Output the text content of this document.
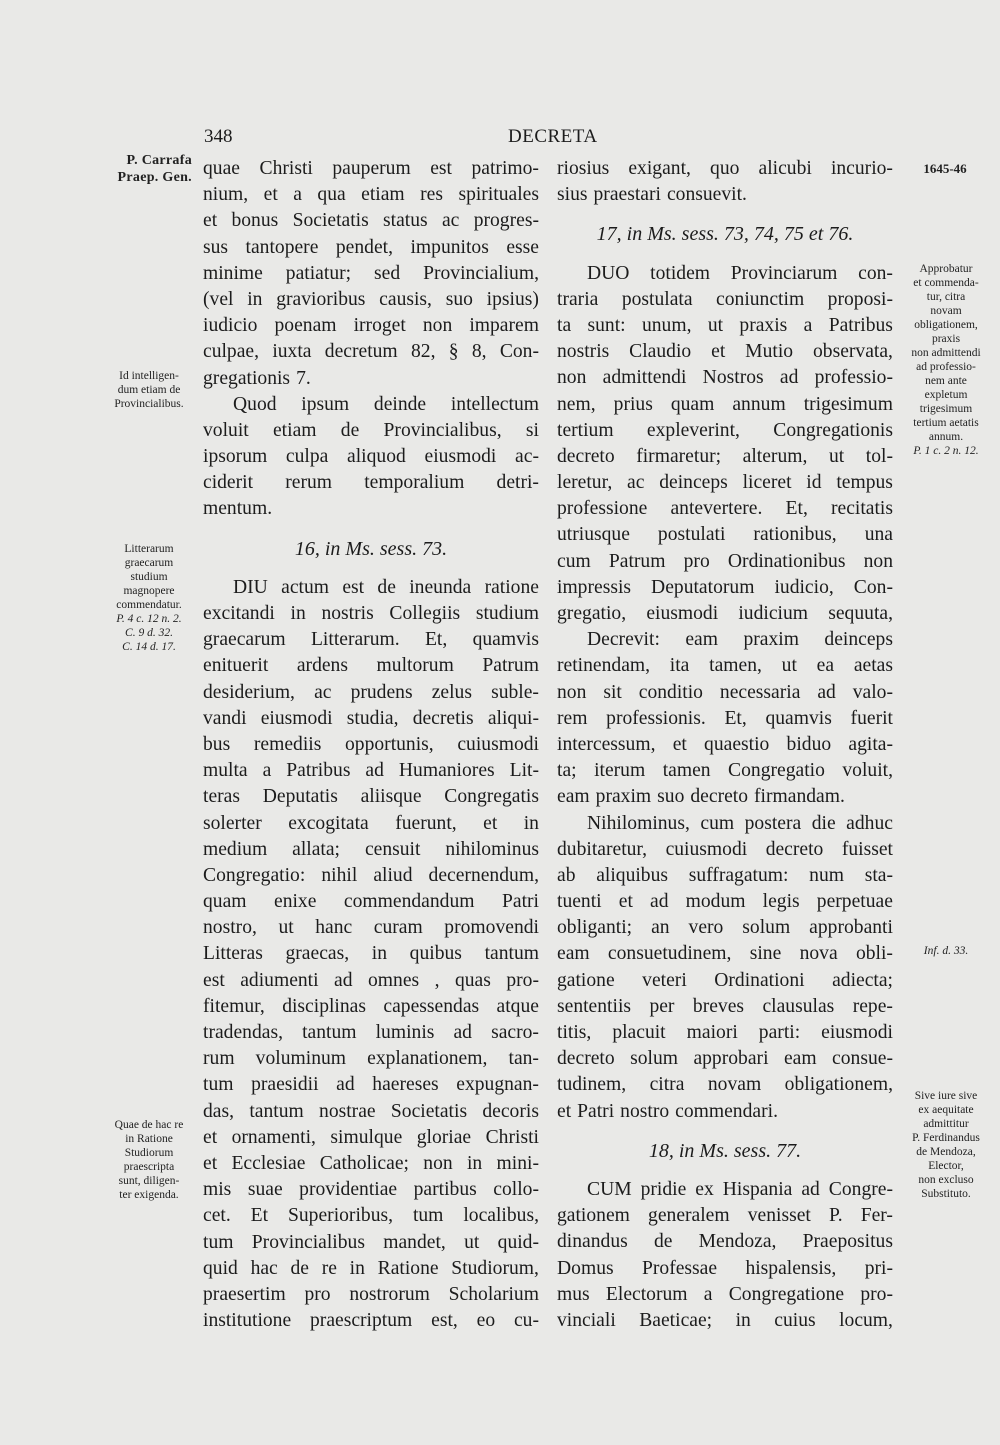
348	DECRETA
P. Carrafa
Praep. Gen.
1645-46
quae Christi pauperum est patrimo-
nium, et a qua etiam res spirituales
et bonus Societatis status ac progres-
sus tantopere pendet, impunitos esse
minime patiatur; sed Provincialium,
(vel in gravioribus causis, suo ipsius)
iudicio poenam irroget non imparem
culpae, iuxta decretum 82, § 8, Con-
gregationis 7.
Quod ipsum deinde intellectum
voluit etiam de Provincialibus, si
ipsorum culpa aliquod eiusmodi ac-
ciderit rerum temporalium detri-
mentum.
16, in Ms. sess. 73.
DIU actum est de ineunda ratione
excitandi in nostris Collegiis studium
graecarum Litterarum. Et, quamvis
enituerit ardens multorum Patrum
desiderium, ac prudens zelus suble-
vandi eiusmodi studia, decretis aliqui-
bus remediis opportunis, cuiusmodi
multa a Patribus ad Humaniores Lit-
teras Deputatis aliisque Congregatis
solerter excogitata fuerunt, et in
medium allata; censuit nihilominus
Congregatio: nihil aliud decernendum,
quam enixe commendandum Patri
nostro, ut hanc curam promovendi
Litteras graecas, in quibus tantum
est adiumenti ad omnes , quas pro-
fitemur, disciplinas capessendas atque
tradendas, tantum luminis ad sacro-
rum voluminum explanationem, tan-
tum praesidii ad haereses expugnan-
das, tantum nostrae Societatis decoris
et ornamenti, simulque gloriae Christi
et Ecclesiae Catholicae; non in mini-
mis suae providentiae partibus collo-
cet. Et Superioribus, tum localibus,
tum Provincialibus mandet, ut quid-
quid hac de re in Ratione Studiorum,
praesertim pro nostrorum Scholarium
institutione praescriptum est, eo cu-
riosius exigant, quo alicubi incurio-
sius praestari consuevit.
17, in Ms. sess. 73, 74, 75 et 76.
DUO totidem Provinciarum con-
traria postulata coniunctim proposi-
ta sunt: unum, ut praxis a Patribus
nostris Claudio et Mutio observata,
non admittendi Nostros ad professio-
nem, prius quam annum trigesimum
tertium expleverint, Congregationis
decreto firmaretur; alterum, ut tol-
leretur, ac deinceps liceret id tempus
professione antevertere. Et, recitatis
utriusque postulati rationibus, una
cum Patrum pro Ordinationibus non
impressis Deputatorum iudicio, Con-
gregatio, eiusmodi iudicium sequuta,
Decrevit: eam praxim deinceps
retinendam, ita tamen, ut ea aetas
non sit conditio necessaria ad valo-
rem professionis. Et, quamvis fuerit
intercessum, et quaestio biduo agita-
ta; iterum tamen Congregatio voluit,
eam praxim suo decreto firmandam.
Nihilominus, cum postera die adhuc
dubitaretur, cuiusmodi decreto fuisset
ab aliquibus suffragatum: num sta-
tuenti et ad modum legis perpetuae
obliganti; an vero solum approbanti
eam consuetudinem, sine nova obli-
gatione veteri Ordinationi adiecta;
sententiis per breves clausulas repe-
titis, placuit maiori parti: eiusmodi
decreto solum approbari eam consue-
tudinem, citra novam obligationem,
et Patri nostro commendari.
18, in Ms. sess. 77.
CUM pridie ex Hispania ad Congre-
gationem generalem venisset P. Fer-
dinandus de Mendoza, Praepositus
Domus Professae hispalensis, pri-
mus Electorum a Congregatione pro-
vinciali Baeticae; in cuius locum,
Id intelligen-
dum etiam de
Provincialibus.
Litterarum
graecarum
studium
magnopere
commendatur.
P. 4 c. 12 n. 2.
C. 9 d. 32.
C. 14 d. 17.
Quae de hac re
in Ratione
Studiorum
praescripta
sunt, diligen-
ter exigenda.
Approbatur
et commenda-
tur, citra
novam
obligationem,
praxis
non admittendi
ad professio-
nem ante
expletum
trigesimum
tertium aetatis
annum.
P. 1 c. 2 n. 12.
Inf. d. 33.
Sive iure sive
ex aequitate
admittitur
P. Ferdinandus
de Mendoza,
Elector,
non excluso
Substituto.
